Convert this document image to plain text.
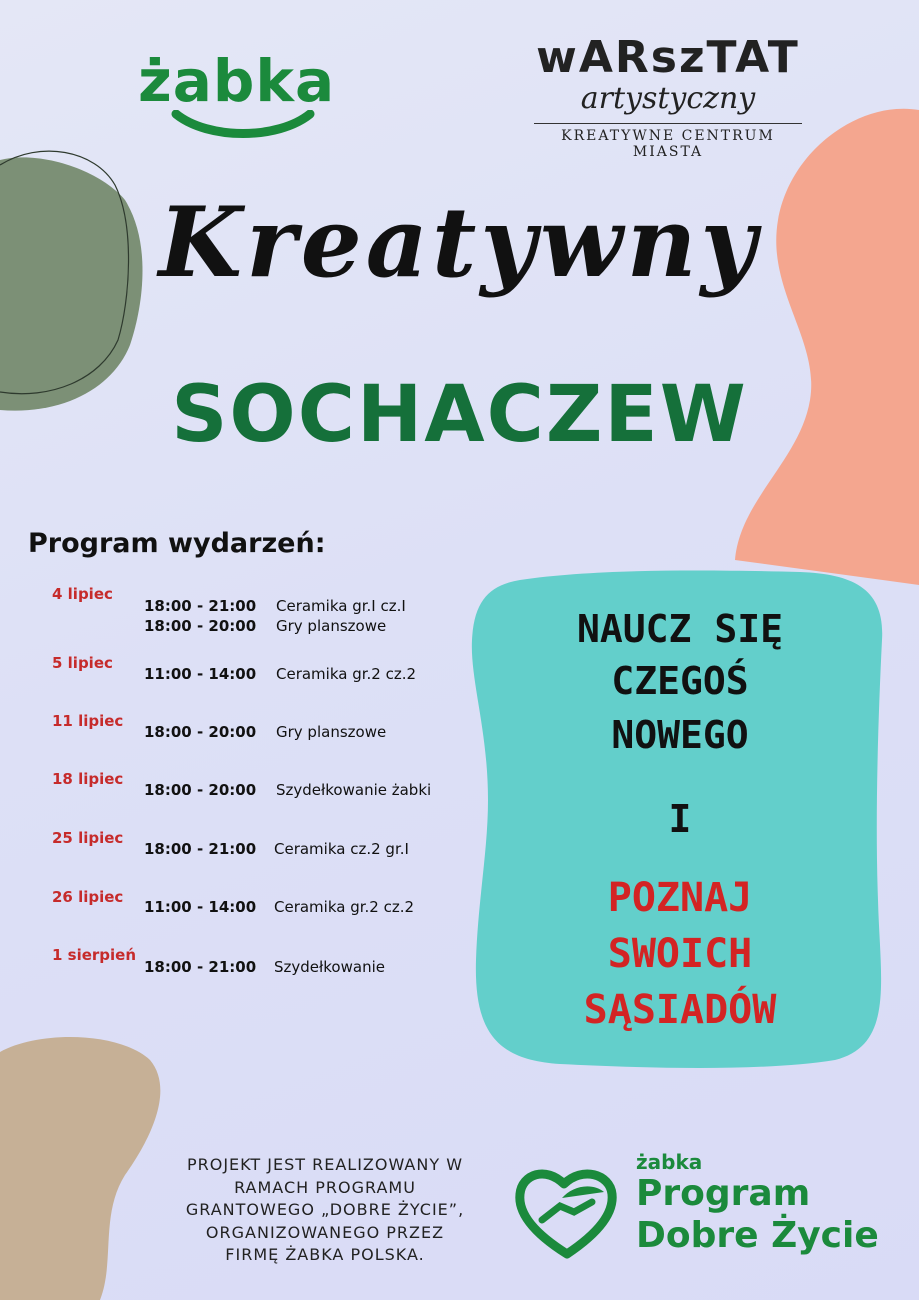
żabka	wARszTAT
artystyczny
KREATYWNE CENTRUM MIASTA
Kreatywny
SOCHACZEW
Program wydarzeń:
4 lipiec
18:00 - 21:00 Ceramika gr.I cz.I
18:00 - 20:00 Gry planszowe
5 lipiec
11:00 - 14:00 Ceramika gr.2 cz.2
11 lipiec
18:00 - 20:00 Gry planszowe
18 lipiec
18:00 - 20:00 Szydełkowanie żabki
25 lipiec
18:00 - 21:00 Ceramika cz.2 gr.I
26 lipiec
11:00 - 14:00 Ceramika gr.2 cz.2
1 sierpień
18:00 - 21:00 Szydełkowanie
NAUCZ SIĘ
CZEGOŚ
NOWEGO
I
POZNAJ
SWOICH
SĄSIADÓW
PROJEKT JEST REALIZOWANY W
RAMACH PROGRAMU
GRANTOWEGO „DOBRE ŻYCIE”,
ORGANIZOWANEGO PRZEZ
FIRMĘ ŻABKA POLSKA.
żabka
Program
Dobre Życie
